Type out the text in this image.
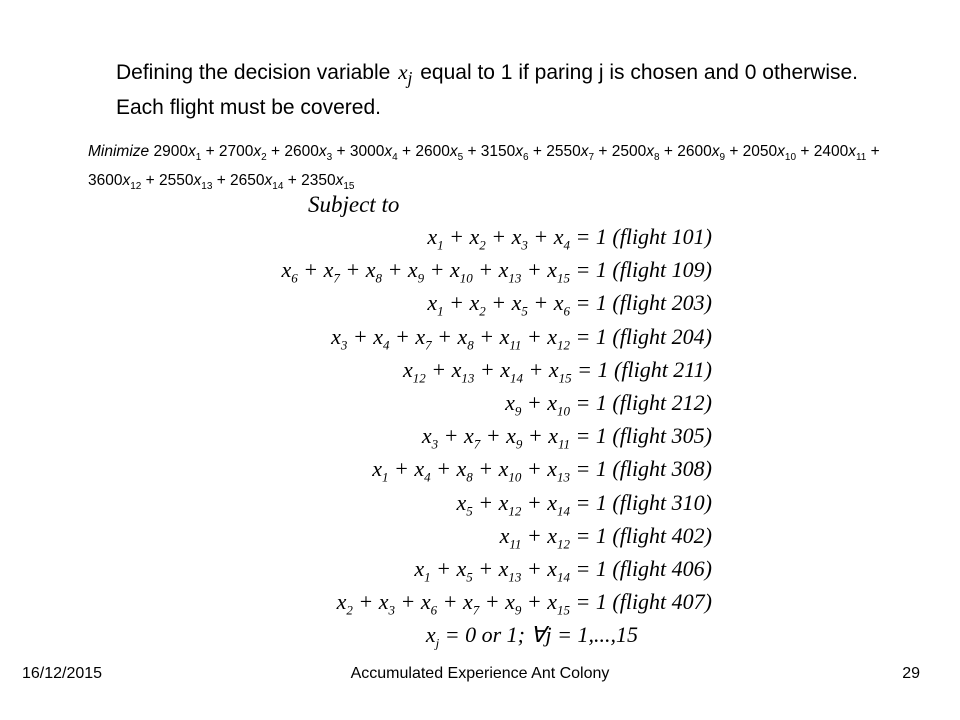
Defining the decision variable $x_j$ equal to 1 if paring j is chosen and 0 otherwise. Each flight must be covered.
Minimize $2900x_1 + 2700x_2 + 2600x_3 + 3000x_4 + 2600x_5 + 3150x_6 + 2550x_7 + 2500x_8 + 2600x_9 + 2050x_{10} + 2400x_{11} + 3600x_{12} + 2550x_{13} + 2650x_{14} + 2350x_{15}$
Subject to
$x_1 + x_2 + x_3 + x_4 = 1$ (flight 101)
$x_6 + x_7 + x_8 + x_9 + x_{10} + x_{13} + x_{15} = 1$ (flight 109)
$x_1 + x_2 + x_5 + x_6 = 1$ (flight 203)
$x_3 + x_4 + x_7 + x_8 + x_{11} + x_{12} = 1$ (flight 204)
$x_{12} + x_{13} + x_{14} + x_{15} = 1$ (flight 211)
$x_9 + x_{10} = 1$ (flight 212)
$x_3 + x_7 + x_9 + x_{11} = 1$ (flight 305)
$x_1 + x_4 + x_8 + x_{10} + x_{13} = 1$ (flight 308)
$x_5 + x_{12} + x_{14} = 1$ (flight 310)
$x_{11} + x_{12} = 1$ (flight 402)
$x_1 + x_5 + x_{13} + x_{14} = 1$ (flight 406)
$x_2 + x_3 + x_6 + x_7 + x_9 + x_{15} = 1$ (flight 407)
$x_j = 0$ or 1; ∀j = 1,...,15
16/12/2015	Accumulated Experience Ant Colony	29
